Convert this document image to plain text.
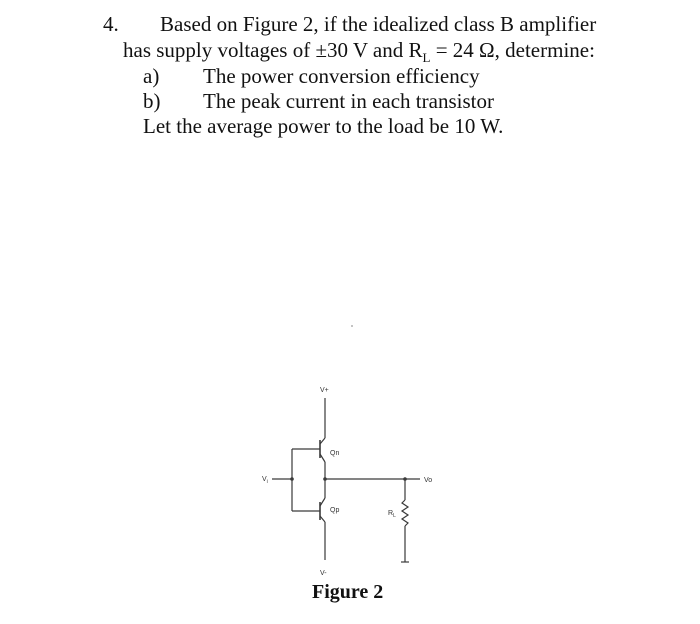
4. Based on Figure 2, if the idealized class B amplifier
has supply voltages of ±30 V and $R_L = 24$ Ω, determine:
a) The power conversion efficiency
b) The peak current in each transistor
Let the average power to the load be 10 W.
V+
Qn
Qp
V-
$V_i$	Vo
$R_L$
Figure 2
